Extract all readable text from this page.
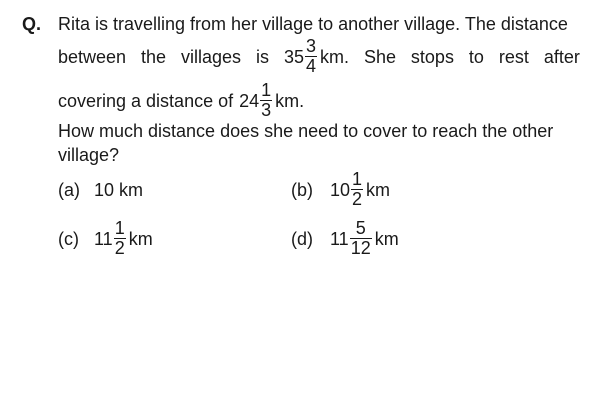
Q. Rita is travelling from her village to another village. The distance
between the villages is $35 \frac{3}{4}$ km. She stops to rest after
covering a distance of $24 \frac{1}{3}$ km.
How much distance does she need to cover to reach the other
village?
(a) 10 km	(b) $10 \frac{1}{2}$ km
(c) $11 \frac{1}{2}$ km	(d) $11 \frac{5}{12}$ km
